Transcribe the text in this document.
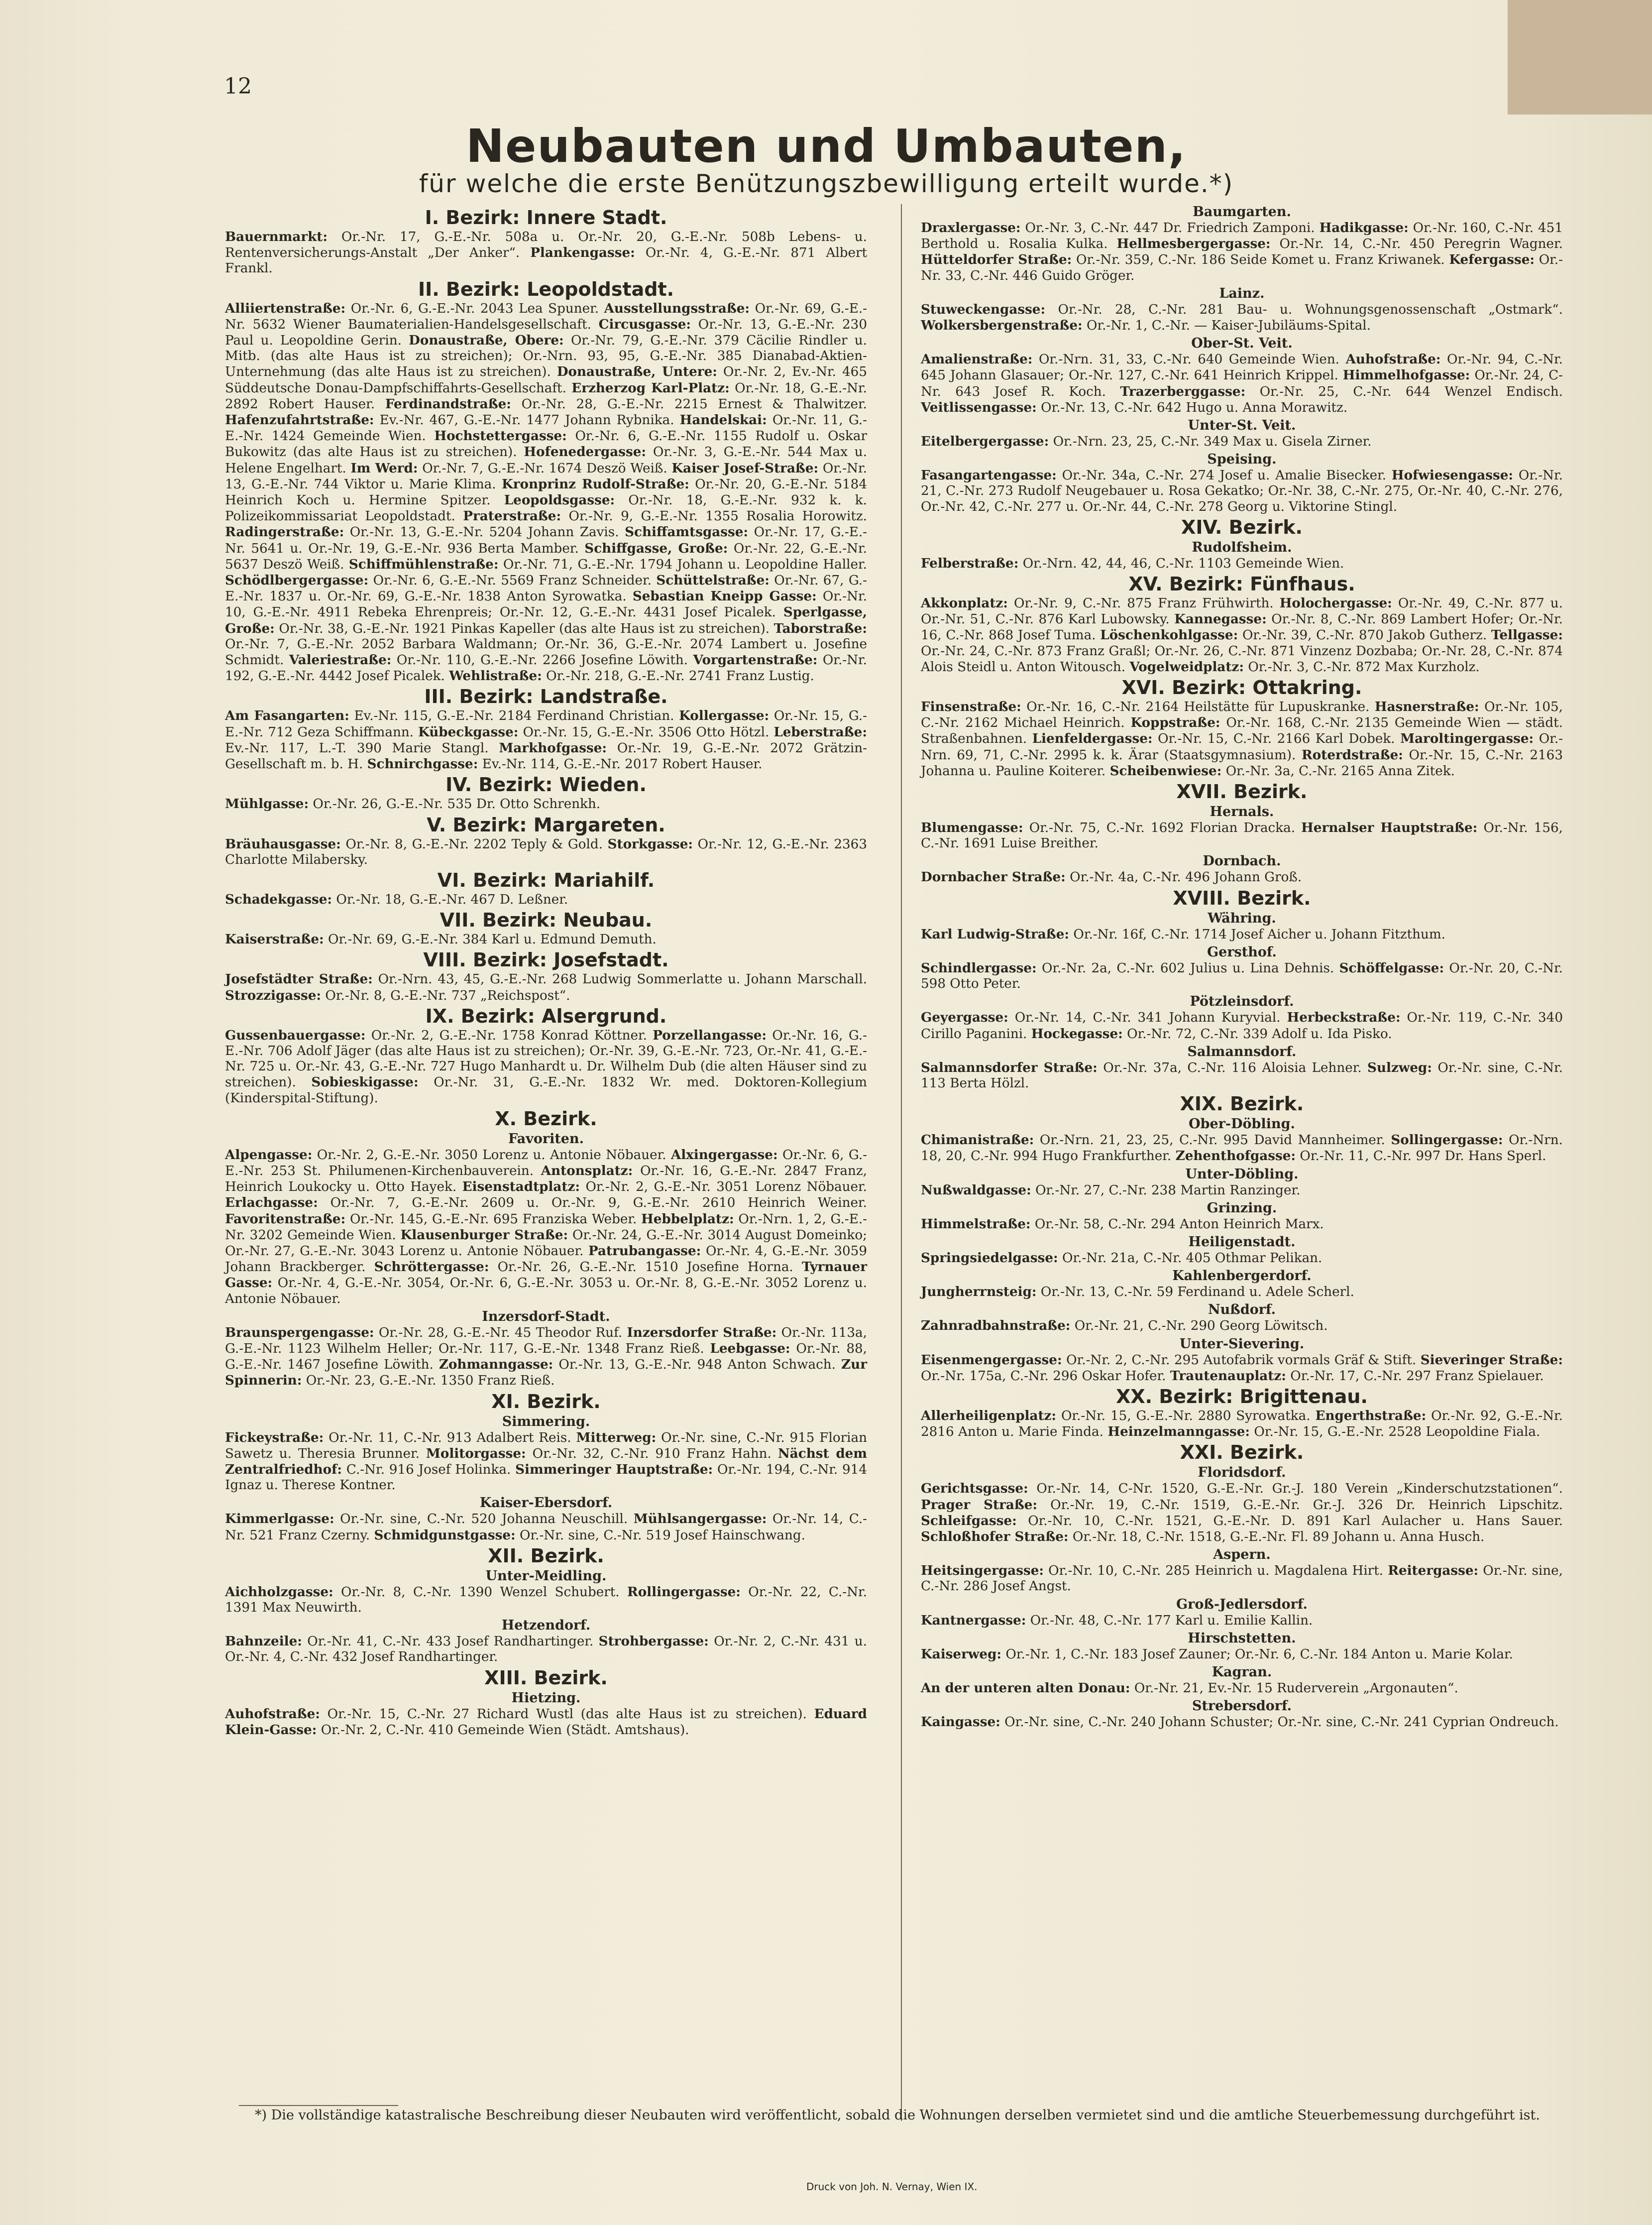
12
Neubauten und Umbauten,
für welche die erste Benützungszbewilligung erteilt wurde.*)
I. Bezirk: Innere Stadt.

Bauernmarkt: Or.-Nr. 17, G.-E.-Nr. 508a u. Or.-Nr. 20, G.-E.-Nr. 508b Lebens- u. Rentenversicherungs-Anstalt „Der Anker“. Plankengasse: Or.-Nr. 4, G.-E.-Nr. 871 Albert Frankl.

II. Bezirk: Leopoldstadt.

Alliiertenstraße: Or.-Nr. 6, G.-E.-Nr. 2043 Lea Spuner. Ausstellungsstraße: Or.-Nr. 69, G.-E.-Nr. 5632 Wiener Baumaterialien-Handelsgesellschaft. Circusgasse: Or.-Nr. 13, G.-E.-Nr. 230 Paul u. Leopoldine Gerin. Donaustraße, Obere: Or.-Nr. 79, G.-E.-Nr. 379 Cäcilie Rindler u. Mitb. (das alte Haus ist zu streichen); Or.-Nrn. 93, 95, G.-E.-Nr. 385 Dianabad-Aktien-Unternehmung (das alte Haus ist zu streichen). Donaustraße, Untere: Or.-Nr. 2, Ev.-Nr. 465 Süddeutsche Donau-Dampfschiffahrts-Gesellschaft. Erzherzog Karl-Platz: Or.-Nr. 18, G.-E.-Nr. 2892 Robert Hauser. Ferdinandstraße: Or.-Nr. 28, G.-E.-Nr. 2215 Ernest & Thalwitzer. Hafenzufahrtstraße: Ev.-Nr. 467, G.-E.-Nr. 1477 Johann Rybnika. Handelskai: Or.-Nr. 11, G.-E.-Nr. 1424 Gemeinde Wien. Hochstettergasse: Or.-Nr. 6, G.-E.-Nr. 1155 Rudolf u. Oskar Bukowitz (das alte Haus ist zu streichen). Hofenedergasse: Or.-Nr. 3, G.-E.-Nr. 544 Max u. Helene Engelhart. Im Werd: Or.-Nr. 7, G.-E.-Nr. 1674 Deszö Weiß. Kaiser Josef-Straße: Or.-Nr. 13, G.-E.-Nr. 744 Viktor u. Marie Klima. Kronprinz Rudolf-Straße: Or.-Nr. 20, G.-E.-Nr. 5184 Heinrich Koch u. Hermine Spitzer. Leopoldsgasse: Or.-Nr. 18, G.-E.-Nr. 932 k. k. Polizeikommissariat Leopoldstadt. Praterstraße: Or.-Nr. 9, G.-E.-Nr. 1355 Rosalia Horowitz. Radingerstraße: Or.-Nr. 13, G.-E.-Nr. 5204 Johann Zavis. Schiffamtsgasse: Or.-Nr. 17, G.-E.-Nr. 5641 u. Or.-Nr. 19, G.-E.-Nr. 936 Berta Mamber. Schiffgasse, Große: Or.-Nr. 22, G.-E.-Nr. 5637 Deszö Weiß. Schiffmühlenstraße: Or.-Nr. 71, G.-E.-Nr. 1794 Johann u. Leopoldine Haller. Schödlbergergasse: Or.-Nr. 6, G.-E.-Nr. 5569 Franz Schneider. Schüttelstraße: Or.-Nr. 67, G.-E.-Nr. 1837 u. Or.-Nr. 69, G.-E.-Nr. 1838 Anton Syrowatka. Sebastian Kneipp Gasse: Or.-Nr. 10, G.-E.-Nr. 4911 Rebeka Ehrenpreis; Or.-Nr. 12, G.-E.-Nr. 4431 Josef Picalek. Sperlgasse, Große: Or.-Nr. 38, G.-E.-Nr. 1921 Pinkas Kapeller (das alte Haus ist zu streichen). Taborstraße: Or.-Nr. 7, G.-E.-Nr. 2052 Barbara Waldmann; Or.-Nr. 36, G.-E.-Nr. 2074 Lambert u. Josefine Schmidt. Valeriestraße: Or.-Nr. 110, G.-E.-Nr. 2266 Josefine Löwith. Vorgartenstraße: Or.-Nr. 192, G.-E.-Nr. 4442 Josef Picalek. Wehlistraße: Or.-Nr. 218, G.-E.-Nr. 2741 Franz Lustig.

III. Bezirk: Landstraße.

Am Fasangarten: Ev.-Nr. 115, G.-E.-Nr. 2184 Ferdinand Christian. Kollergasse: Or.-Nr. 15, G.-E.-Nr. 712 Geza Schiffmann. Kübeckgasse: Or.-Nr. 15, G.-E.-Nr. 3506 Otto Hötzl. Leberstraße: Ev.-Nr. 117, L.-T. 390 Marie Stangl. Markhofgasse: Or.-Nr. 19, G.-E.-Nr. 2072 Grätzin-Gesellschaft m. b. H. Schnirchgasse: Ev.-Nr. 114, G.-E.-Nr. 2017 Robert Hauser.

IV. Bezirk: Wieden.

Mühlgasse: Or.-Nr. 26, G.-E.-Nr. 535 Dr. Otto Schrenkh.

V. Bezirk: Margareten.

Bräuhausgasse: Or.-Nr. 8, G.-E.-Nr. 2202 Teply & Gold. Storkgasse: Or.-Nr. 12, G.-E.-Nr. 2363 Charlotte Milabersky.

VI. Bezirk: Mariahilf.

Schadekgasse: Or.-Nr. 18, G.-E.-Nr. 467 D. Leßner.

VII. Bezirk: Neubau.

Kaiserstraße: Or.-Nr. 69, G.-E.-Nr. 384 Karl u. Edmund Demuth.

VIII. Bezirk: Josefstadt.

Josefstädter Straße: Or.-Nrn. 43, 45, G.-E.-Nr. 268 Ludwig Sommerlatte u. Johann Marschall. Strozzigasse: Or.-Nr. 8, G.-E.-Nr. 737 „Reichspost“.

IX. Bezirk: Alsergrund.

Gussenbauergasse: Or.-Nr. 2, G.-E.-Nr. 1758 Konrad Köttner. Porzellangasse: Or.-Nr. 16, G.-E.-Nr. 706 Adolf Jäger (das alte Haus ist zu streichen); Or.-Nr. 39, G.-E.-Nr. 723, Or.-Nr. 41, G.-E.-Nr. 725 u. Or.-Nr. 43, G.-E.-Nr. 727 Hugo Manhardt u. Dr. Wilhelm Dub (die alten Häuser sind zu streichen). Sobieskigasse: Or.-Nr. 31, G.-E.-Nr. 1832 Wr. med. Doktoren-Kollegium (Kinderspital-Stiftung).

X. Bezirk.
Favoriten.

Alpengasse: Or.-Nr. 2, G.-E.-Nr. 3050 Lorenz u. Antonie Nöbauer. Alxingergasse: Or.-Nr. 6, G.-E.-Nr. 253 St. Philumenen-Kirchenbauverein. Antonsplatz: Or.-Nr. 16, G.-E.-Nr. 2847 Franz, Heinrich Loukocky u. Otto Hayek. Eisenstadtplatz: Or.-Nr. 2, G.-E.-Nr. 3051 Lorenz Nöbauer. Erlachgasse: Or.-Nr. 7, G.-E.-Nr. 2609 u. Or.-Nr. 9, G.-E.-Nr. 2610 Heinrich Weiner. Favoritenstraße: Or.-Nr. 145, G.-E.-Nr. 695 Franziska Weber. Hebbelplatz: Or.-Nrn. 1, 2, G.-E.-Nr. 3202 Gemeinde Wien. Klausenburger Straße: Or.-Nr. 24, G.-E.-Nr. 3014 August Domeinko; Or.-Nr. 27, G.-E.-Nr. 3043 Lorenz u. Antonie Nöbauer. Patrubangasse: Or.-Nr. 4, G.-E.-Nr. 3059 Johann Brackberger. Schröttergasse: Or.-Nr. 26, G.-E.-Nr. 1510 Josefine Horna. Tyrnauer Gasse: Or.-Nr. 4, G.-E.-Nr. 3054, Or.-Nr. 6, G.-E.-Nr. 3053 u. Or.-Nr. 8, G.-E.-Nr. 3052 Lorenz u. Antonie Nöbauer.

Inzersdorf-Stadt.

Braunspergengasse: Or.-Nr. 28, G.-E.-Nr. 45 Theodor Ruf. Inzersdorfer Straße: Or.-Nr. 113a, G.-E.-Nr. 1123 Wilhelm Heller; Or.-Nr. 117, G.-E.-Nr. 1348 Franz Rieß. Leebgasse: Or.-Nr. 88, G.-E.-Nr. 1467 Josefine Löwith. Zohmanngasse: Or.-Nr. 13, G.-E.-Nr. 948 Anton Schwach. Zur Spinnerin: Or.-Nr. 23, G.-E.-Nr. 1350 Franz Rieß.

XI. Bezirk.
Simmering.

Fickeystraße: Or.-Nr. 11, C.-Nr. 913 Adalbert Reis. Mitterweg: Or.-Nr. sine, C.-Nr. 915 Florian Sawetz u. Theresia Brunner. Molitorgasse: Or.-Nr. 32, C.-Nr. 910 Franz Hahn. Nächst dem Zentralfriedhof: C.-Nr. 916 Josef Holinka. Simmeringer Hauptstraße: Or.-Nr. 194, C.-Nr. 914 Ignaz u. Therese Kontner.

Kaiser-Ebersdorf.

Kimmerlgasse: Or.-Nr. sine, C.-Nr. 520 Johanna Neuschill. Mühlsangergasse: Or.-Nr. 14, C.-Nr. 521 Franz Czerny. Schmidgunstgasse: Or.-Nr. sine, C.-Nr. 519 Josef Hainschwang.

XII. Bezirk.
Unter-Meidling.

Aichholzgasse: Or.-Nr. 8, C.-Nr. 1390 Wenzel Schubert. Rollingergasse: Or.-Nr. 22, C.-Nr. 1391 Max Neuwirth.

Hetzendorf.

Bahnzeile: Or.-Nr. 41, C.-Nr. 433 Josef Randhartinger. Strohbergasse: Or.-Nr. 2, C.-Nr. 431 u. Or.-Nr. 4, C.-Nr. 432 Josef Randhartinger.

XIII. Bezirk.
Hietzing.

Auhofstraße: Or.-Nr. 15, C.-Nr. 27 Richard Wustl (das alte Haus ist zu streichen). Eduard Klein-Gasse: Or.-Nr. 2, C.-Nr. 410 Gemeinde Wien (Städt. Amtshaus).

Baumgarten.

Draxlergasse: Or.-Nr. 3, C.-Nr. 447 Dr. Friedrich Zamponi. Hadikgasse: Or.-Nr. 160, C.-Nr. 451 Berthold u. Rosalia Kulka. Hellmesbergergasse: Or.-Nr. 14, C.-Nr. 450 Peregrin Wagner. Hütteldorfer Straße: Or.-Nr. 359, C.-Nr. 186 Seide Komet u. Franz Kriwanek. Kefergasse: Or.-Nr. 33, C.-Nr. 446 Guido Gröger.

Lainz.

Stuweckengasse: Or.-Nr. 28, C.-Nr. 281 Bau- u. Wohnungsgenossenschaft „Ostmark“. Wolkersbergenstraße: Or.-Nr. 1, C.-Nr. — Kaiser-Jubiläums-Spital.

Ober-St. Veit.

Amalienstraße: Or.-Nrn. 31, 33, C.-Nr. 640 Gemeinde Wien. Auhofstraße: Or.-Nr. 94, C.-Nr. 645 Johann Glasauer; Or.-Nr. 127, C.-Nr. 641 Heinrich Krippel. Himmelhofgasse: Or.-Nr. 24, C-Nr. 643 Josef R. Koch. Trazerberggasse: Or.-Nr. 25, C.-Nr. 644 Wenzel Endisch. Veitlissengasse: Or.-Nr. 13, C.-Nr. 642 Hugo u. Anna Morawitz.

Unter-St. Veit.

Eitelbergergasse: Or.-Nrn. 23, 25, C.-Nr. 349 Max u. Gisela Zirner.

Speising.

Fasangartengasse: Or.-Nr. 34a, C.-Nr. 274 Josef u. Amalie Bisecker. Hofwiesengasse: Or.-Nr. 21, C.-Nr. 273 Rudolf Neugebauer u. Rosa Gekatko; Or.-Nr. 38, C.-Nr. 275, Or.-Nr. 40, C.-Nr. 276, Or.-Nr. 42, C.-Nr. 277 u. Or.-Nr. 44, C.-Nr. 278 Georg u. Viktorine Stingl.

XIV. Bezirk.
Rudolfsheim.

Felberstraße: Or.-Nrn. 42, 44, 46, C.-Nr. 1103 Gemeinde Wien.

XV. Bezirk: Fünfhaus.

Akkonplatz: Or.-Nr. 9, C.-Nr. 875 Franz Frühwirth. Holochergasse: Or.-Nr. 49, C.-Nr. 877 u. Or.-Nr. 51, C.-Nr. 876 Karl Lubowsky. Kannegasse: Or.-Nr. 8, C.-Nr. 869 Lambert Hofer; Or.-Nr. 16, C.-Nr. 868 Josef Tuma. Löschenkohlgasse: Or.-Nr. 39, C.-Nr. 870 Jakob Gutherz. Tellgasse: Or.-Nr. 24, C.-Nr. 873 Franz Graßl; Or.-Nr. 26, C.-Nr. 871 Vinzenz Dozbaba; Or.-Nr. 28, C.-Nr. 874 Alois Steidl u. Anton Witousch. Vogelweidplatz: Or.-Nr. 3, C.-Nr. 872 Max Kurzholz.

XVI. Bezirk: Ottakring.

Finsenstraße: Or.-Nr. 16, C.-Nr. 2164 Heilstätte für Lupuskranke. Hasnerstraße: Or.-Nr. 105, C.-Nr. 2162 Michael Heinrich. Koppstraße: Or.-Nr. 168, C.-Nr. 2135 Gemeinde Wien — städt. Straßenbahnen. Lienfeldergasse: Or.-Nr. 15, C.-Nr. 2166 Karl Dobek. Maroltingergasse: Or.-Nrn. 69, 71, C.-Nr. 2995 k. k. Ärar (Staatsgymnasium). Roterdstraße: Or.-Nr. 15, C.-Nr. 2163 Johanna u. Pauline Koiterer. Scheibenwiese: Or.-Nr. 3a, C.-Nr. 2165 Anna Zitek.

XVII. Bezirk.
Hernals.

Blumengasse: Or.-Nr. 75, C.-Nr. 1692 Florian Dracka. Hernalser Hauptstraße: Or.-Nr. 156, C.-Nr. 1691 Luise Breither.

Dornbach.

Dornbacher Straße: Or.-Nr. 4a, C.-Nr. 496 Johann Groß.

XVIII. Bezirk.
Währing.

Karl Ludwig-Straße: Or.-Nr. 16f, C.-Nr. 1714 Josef Aicher u. Johann Fitzthum.

Gersthof.

Schindlergasse: Or.-Nr. 2a, C.-Nr. 602 Julius u. Lina Dehnis. Schöffelgasse: Or.-Nr. 20, C.-Nr. 598 Otto Peter.

Pötzleinsdorf.

Geyergasse: Or.-Nr. 14, C.-Nr. 341 Johann Kuryvial. Herbeckstraße: Or.-Nr. 119, C.-Nr. 340 Cirillo Paganini. Hockegasse: Or.-Nr. 72, C.-Nr. 339 Adolf u. Ida Pisko.

Salmannsdorf.

Salmannsdorfer Straße: Or.-Nr. 37a, C.-Nr. 116 Aloisia Lehner. Sulzweg: Or.-Nr. sine, C.-Nr. 113 Berta Hölzl.

XIX. Bezirk.
Ober-Döbling.

Chimanistraße: Or.-Nrn. 21, 23, 25, C.-Nr. 995 David Mannheimer. Sollingergasse: Or.-Nrn. 18, 20, C.-Nr. 994 Hugo Frankfurther. Zehenthofgasse: Or.-Nr. 11, C.-Nr. 997 Dr. Hans Sperl.

Unter-Döbling.

Nußwaldgasse: Or.-Nr. 27, C.-Nr. 238 Martin Ranzinger.

Grinzing.

Himmelstraße: Or.-Nr. 58, C.-Nr. 294 Anton Heinrich Marx.

Heiligenstadt.

Springsiedelgasse: Or.-Nr. 21a, C.-Nr. 405 Othmar Pelikan.

Kahlenbergerdorf.

Jungherrnsteig: Or.-Nr. 13, C.-Nr. 59 Ferdinand u. Adele Scherl.

Nußdorf.

Zahnradbahnstraße: Or.-Nr. 21, C.-Nr. 290 Georg Löwitsch.

Unter-Sievering.

Eisenmengergasse: Or.-Nr. 2, C.-Nr. 295 Autofabrik vormals Gräf & Stift. Sieveringer Straße: Or.-Nr. 175a, C.-Nr. 296 Oskar Hofer. Trautenauplatz: Or.-Nr. 17, C.-Nr. 297 Franz Spielauer.

XX. Bezirk: Brigittenau.

Allerheiligenplatz: Or.-Nr. 15, G.-E.-Nr. 2880 Syrowatka. Engerthstraße: Or.-Nr. 92, G.-E.-Nr. 2816 Anton u. Marie Finda. Heinzelmanngasse: Or.-Nr. 15, G.-E.-Nr. 2528 Leopoldine Fiala.

XXI. Bezirk.
Floridsdorf.

Gerichtsgasse: Or.-Nr. 14, C-Nr. 1520, G.-E.-Nr. Gr.-J. 180 Verein „Kinderschutzstationen“. Prager Straße: Or.-Nr. 19, C.-Nr. 1519, G.-E.-Nr. Gr.-J. 326 Dr. Heinrich Lipschitz. Schleifgasse: Or.-Nr. 10, C.-Nr. 1521, G.-E.-Nr. D. 891 Karl Aulacher u. Hans Sauer. Schloßhofer Straße: Or.-Nr. 18, C.-Nr. 1518, G.-E.-Nr. Fl. 89 Johann u. Anna Husch.

Aspern.

Heitsingergasse: Or.-Nr. 10, C.-Nr. 285 Heinrich u. Magdalena Hirt. Reitergasse: Or.-Nr. sine, C.-Nr. 286 Josef Angst.

Groß-Jedlersdorf.

Kantnergasse: Or.-Nr. 48, C.-Nr. 177 Karl u. Emilie Kallin.

Hirschstetten.

Kaiserweg: Or.-Nr. 1, C.-Nr. 183 Josef Zauner; Or.-Nr. 6, C.-Nr. 184 Anton u. Marie Kolar.

Kagran.

An der unteren alten Donau: Or.-Nr. 21, Ev.-Nr. 15 Ruderverein „Argonauten“.

Strebersdorf.

Kaingasse: Or.-Nr. sine, C.-Nr. 240 Johann Schuster; Or.-Nr. sine, C.-Nr. 241 Cyprian Ondreuch.

*) Die vollständige katastralische Beschreibung dieser Neubauten wird veröffentlicht, sobald die Wohnungen derselben vermietet sind und die amtliche Steuerbemessung durchgeführt ist.
Druck von Joh. N. Vernay, Wien IX.
